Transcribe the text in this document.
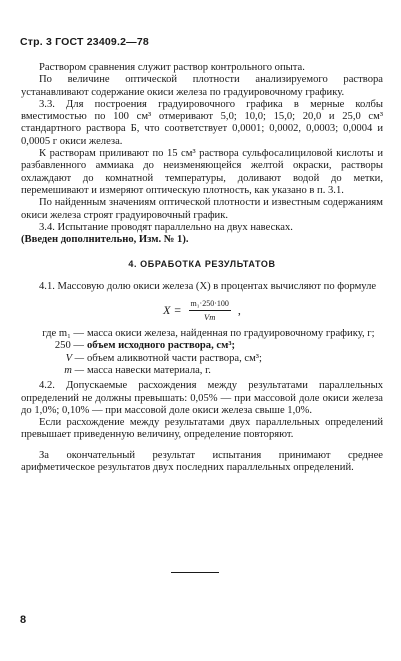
Стр. 3 ГОСТ 23409.2—78

Раствором сравнения служит раствор контрольного опыта.

По величине оптической плотности анализируемого раствора устанавливают содержание окиси железа по градуировочному графику.

3.3. Для построения градуировочного графика в мерные колбы вместимостью по 100 см³ отмеривают 5,0; 10,0; 15,0; 20,0 и 25,0 см³ стандартного раствора Б, что соответствует 0,0001; 0,0002, 0,0003; 0,0004 и 0,0005 г окиси железа.

К растворам приливают по 15 см³ раствора сульфосалициловой кислоты и разбавленного аммиака до неизменяющейся желтой окраски, растворы охлаждают до комнатной температуры, доливают водой до метки, перемешивают и измеряют оптическую плотность, как указано в п. 3.1.

По найденным значениям оптической плотности и известным содержаниям окиси железа строят градуировочный график.

3.4. Испытание проводят параллельно на двух навесках.

(Введен дополнительно, Изм. № 1).

4. ОБРАБОТКА РЕЗУЛЬТАТОВ

4.1. Массовую долю окиси железа (X) в процентах вычисляют по формуле

$X = \frac{\text{m₁·250·100}}{Vm}$ ,
где m₁ — масса окиси железа, найденная по градуировочному графику, г;
250 — объем исходного раствора, см³;
V — объем аликвотной части раствора, см³;
m — масса навески материала, г.

4.2. Допускаемые расхождения между результатами параллельных определений не должны превышать: 0,05% — при массовой доле окиси железа до 1,0%; 0,10% — при массовой доле окиси железа свыше 1,0%.

Если расхождение между результатами двух параллельных определений превышает приведенную величину, определение повторяют.

За окончательный результат испытания принимают среднее арифметическое результатов двух последних параллельных определений.

8
